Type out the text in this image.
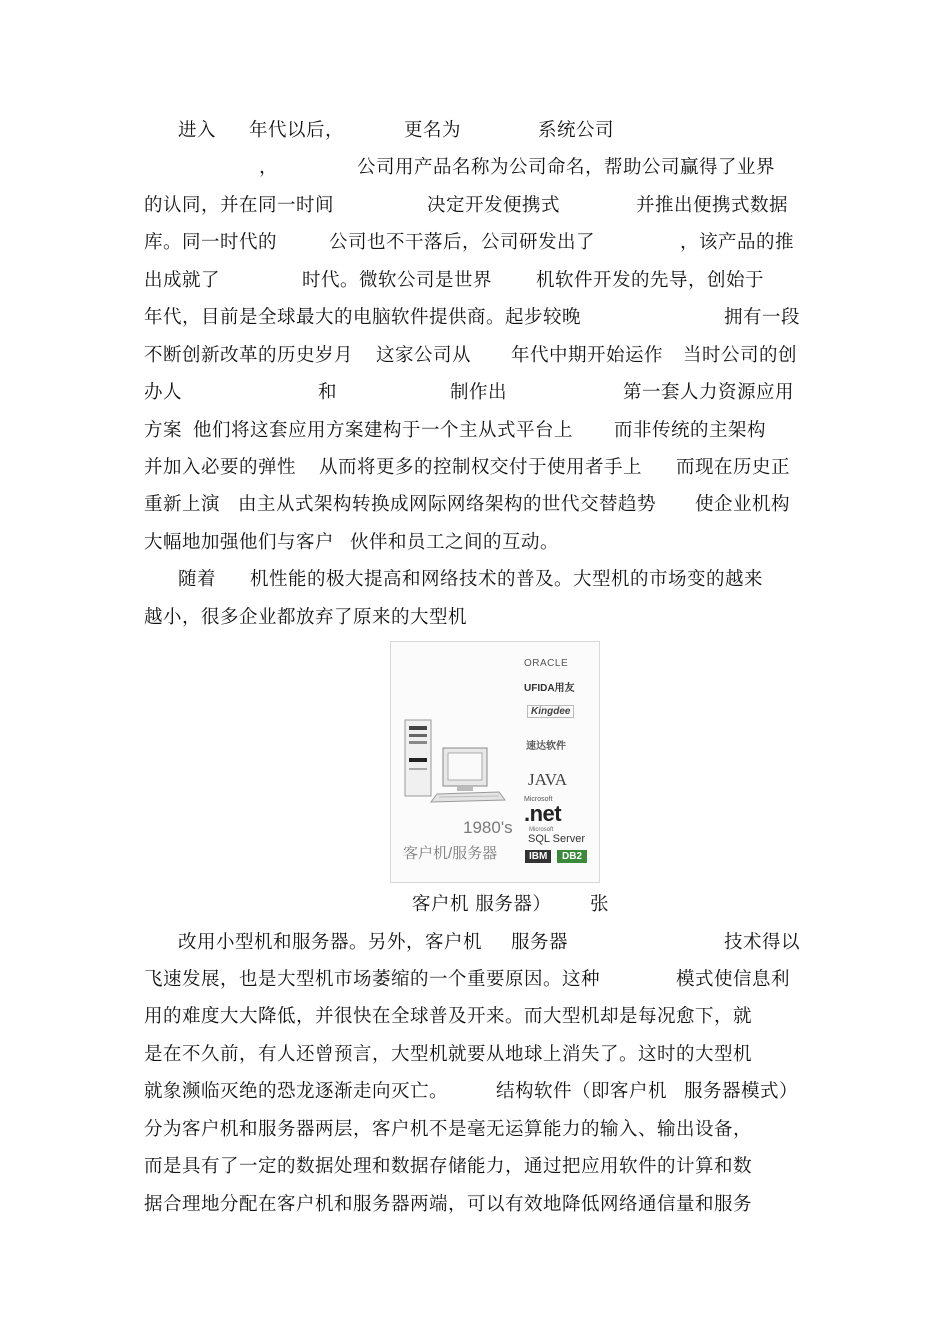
进入 年代以后，	更名为	系统公司
，	公司用产品名称为公司命名，帮助公司赢得了业界
的认同，并在同一时间	决定开发便携式	并推出便携式数据
库。同一时代的	公司也不干落后，公司研发出了	，该产品的推
出成就了	时代。微软公司是世界 机软件开发的先导，创始于
年代，目前是全球最大的电脑软件提供商。起步较晚	拥有一段
不断创新改革的历史岁月 这家公司从 年代中期开始运作 当时公司的创
办人	和	制作出	第一套人力资源应用
方案 他们将这套应用方案建构于一个主从式平台上 而非传统的主架构
并加入必要的弹性 从而将更多的控制权交付于使用者手上 而现在历史正
重新上演 由主从式架构转换成网际网络架构的世代交替趋势 使企业机构
大幅地加强他们与客户 伙伴和员工之间的互动。
随着 机性能的极大提高和网络技术的普及。大型机的市场变的越来
越小，很多企业都放弃了原来的大型机
改用小型机和服务器。另外，客户机 服务器	技术得以
飞速发展，也是大型机市场萎缩的一个重要原因。这种	模式使信息利
用的难度大大降低，并很快在全球普及开来。而大型机却是每况愈下，就
是在不久前，有人还曾预言，大型机就要从地球上消失了。这时的大型机
就象濒临灭绝的恐龙逐渐走向灭亡。	结构软件（即客户机 服务器模式）
分为客户机和服务器两层，客户机不是毫无运算能力的输入、输出设备，
而是具有了一定的数据处理和数据存储能力，通过把应用软件的计算和数
据合理地分配在客户机和服务器两端，可以有效地降低网络通信量和服务
ORACLE
UFIDA用友
Kingdee
速达软件
JAVA
Microsoft
.net
Microsoft
SQL Server
IBM	DB2
1980's
客户机/服务器
客户机 服务器） 张
